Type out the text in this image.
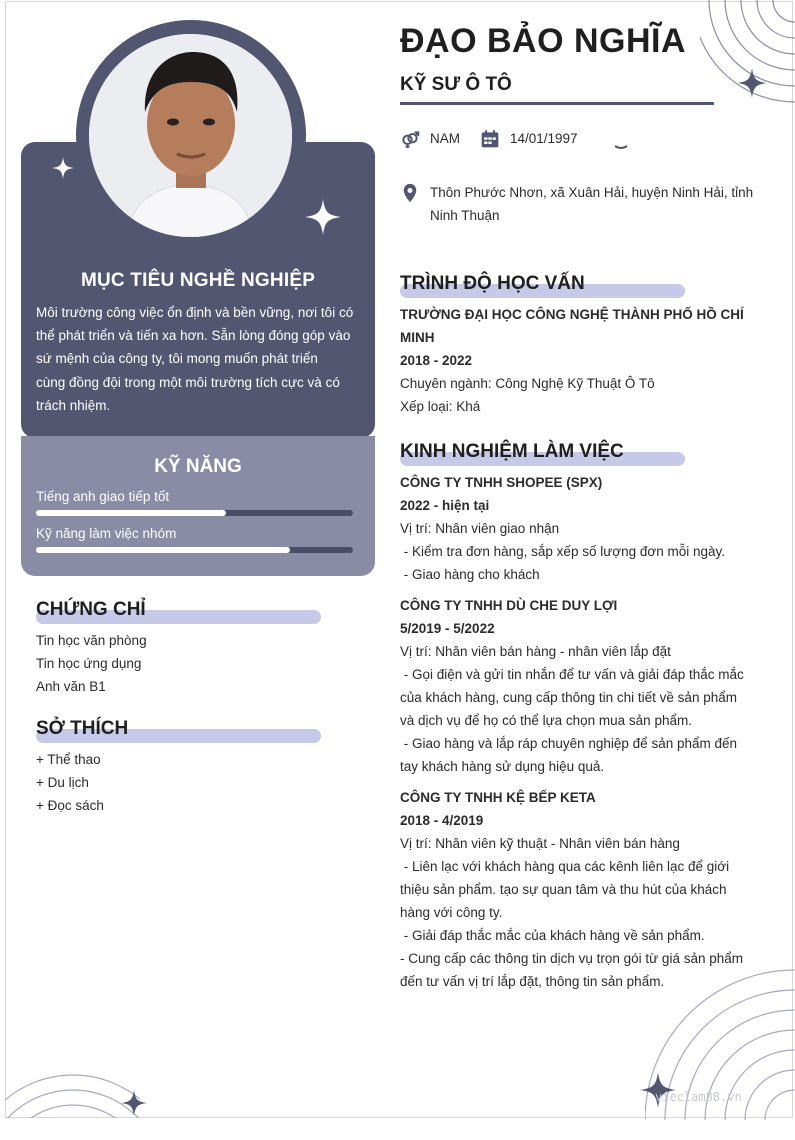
vieclam88.vn
MỤC TIÊU NGHỀ NGHIỆP
Môi trường công việc ổn định và bền vững, nơi tôi có
thể phát triển và tiến xa hơn. Sẵn lòng đóng góp vào
sứ mệnh của công ty, tôi mong muốn phát triển
cùng đồng đội trong một môi trường tích cực và có
trách nhiệm.
KỸ NĂNG
Tiếng anh giao tiếp tốt
Kỹ năng làm việc nhóm
CHỨNG CHỈ
Tin học văn phòng
Tin học ứng dụng
Anh văn B1
SỞ THÍCH
+ Thể thao
+ Du lịch
+ Đọc sách
ĐẠO BẢO NGHĨA
KỸ SƯ Ô TÔ
NAM	14/01/1997
Thôn Phước Nhơn, xã Xuân Hải, huyện Ninh Hải, tỉnh
Ninh Thuận
TRÌNH ĐỘ HỌC VẤN
TRƯỜNG ĐẠI HỌC CÔNG NGHỆ THÀNH PHỐ HỒ CHÍ
MINH
2018 - 2022
Chuyên ngành: Công Nghệ Kỹ Thuật Ô Tô
Xếp loại: Khá
KINH NGHIỆM LÀM VIỆC
CÔNG TY TNHH SHOPEE (SPX)
2022 - hiện tại
Vị trí: Nhân viên giao nhận
- Kiểm tra đơn hàng, sắp xếp số lượng đơn mỗi ngày.
- Giao hàng cho khách
CÔNG TY TNHH DÙ CHE DUY LỢI
5/2019 - 5/2022
Vị trí: Nhân viên bán hàng - nhân viên lắp đặt
- Gọi điện và gửi tin nhắn để tư vấn và giải đáp thắc mắc
của khách hàng, cung cấp thông tin chi tiết về sản phẩm
và dịch vụ để họ có thể lựa chọn mua sản phẩm.
- Giao hàng và lắp ráp chuyên nghiệp để sản phẩm đến
tay khách hàng sử dụng hiệu quả.
CÔNG TY TNHH KỆ BẾP KETA
2018 - 4/2019
Vị trí: Nhân viên kỹ thuật - Nhân viên bán hàng
- Liên lạc với khách hàng qua các kênh liên lạc để giới
thiệu sản phẩm. tạo sự quan tâm và thu hút của khách
hàng với công ty.
- Giải đáp thắc mắc của khách hàng về sản phẩm.
- Cung cấp các thông tin dịch vụ trọn gói từ giá sản phẩm
đến tư vấn vị trí lắp đặt, thông tin sản phẩm.
